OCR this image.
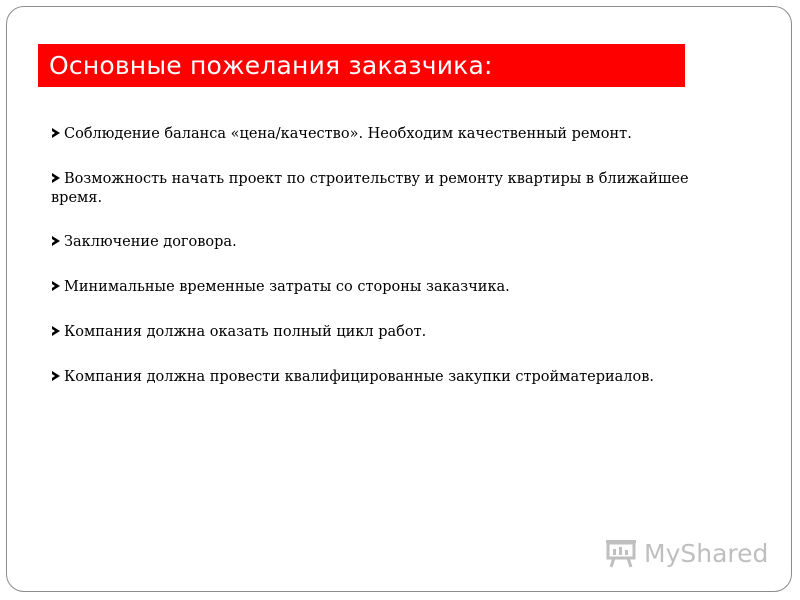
Основные пожелания заказчика:
Соблюдение баланса «цена/качество». Необходим качественный ремонт.
Возможность начать проект по строительству и ремонту квартиры в ближайшее время.
Заключение договора.
Минимальные временные затраты со стороны заказчика.
Компания должна оказать полный цикл работ.
Компания должна провести квалифицированные закупки стройматериалов.
MyShared
